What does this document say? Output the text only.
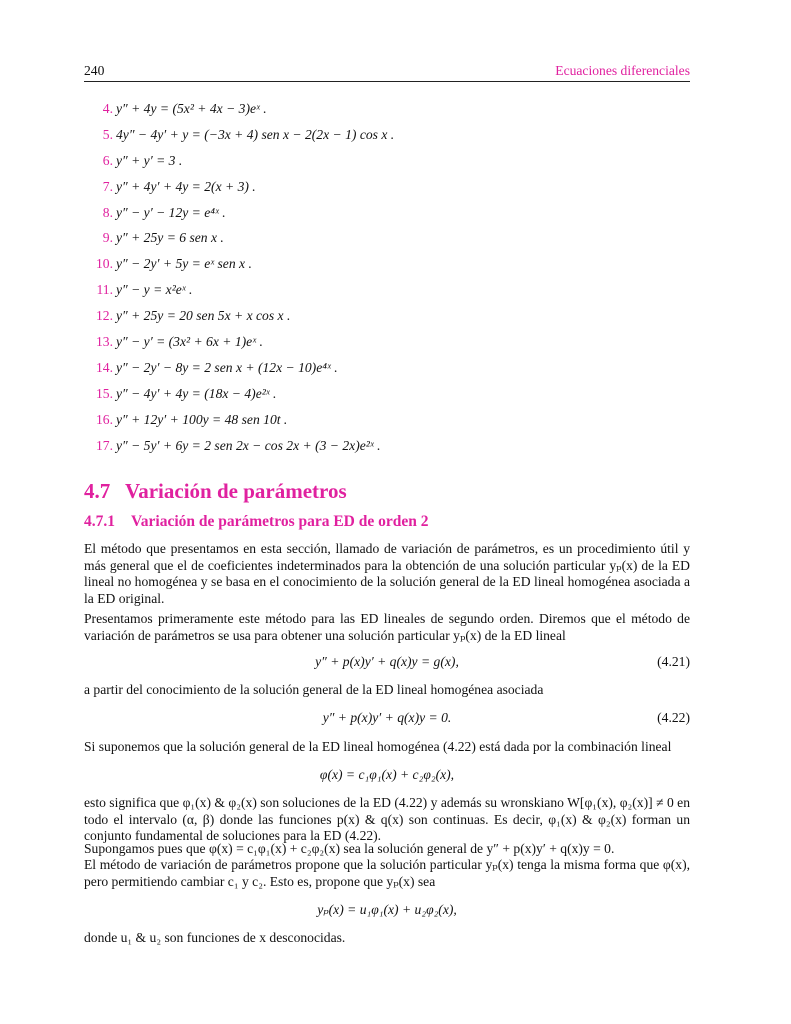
240	Ecuaciones diferenciales
4. y″ + 4y = (5x² + 4x − 3)eˣ .
5. 4y″ − 4y′ + y = (−3x + 4) sen x − 2(2x − 1) cos x .
6. y″ + y′ = 3 .
7. y″ + 4y′ + 4y = 2(x + 3) .
8. y″ − y′ − 12y = e⁴ˣ .
9. y″ + 25y = 6 sen x .
10. y″ − 2y′ + 5y = eˣ sen x .
11. y″ − y = x²eˣ .
12. y″ + 25y = 20 sen 5x + x cos x .
13. y″ − y′ = (3x² + 6x + 1)eˣ .
14. y″ − 2y′ − 8y = 2 sen x + (12x − 10)e⁴ˣ .
15. y″ − 4y′ + 4y = (18x − 4)e²ˣ .
16. y″ + 12y′ + 100y = 48 sen 10t .
17. y″ − 5y′ + 6y = 2 sen 2x − cos 2x + (3 − 2x)e²ˣ .
4.7 Variación de parámetros
4.7.1 Variación de parámetros para ED de orden 2

El método que presentamos en esta sección, llamado de variación de parámetros, es un procedimiento útil y más general que el de coeficientes indeterminados para la obtención de una solución particular yₚ(x) de la ED lineal no homogénea y se basa en el conocimiento de la solución general de la ED lineal homogénea asociada a la ED original.

Presentamos primeramente este método para las ED lineales de segundo orden. Diremos que el método de variación de parámetros se usa para obtener una solución particular yₚ(x) de la ED lineal

y″ + p(x)y′ + q(x)y = g(x),	(4.21)

a partir del conocimiento de la solución general de la ED lineal homogénea asociada

y″ + p(x)y′ + q(x)y = 0.	(4.22)

Si suponemos que la solución general de la ED lineal homogénea (4.22) está dada por la combinación lineal

φ(x) = c₁φ₁(x) + c₂φ₂(x),

esto significa que φ₁(x) & φ₂(x) son soluciones de la ED (4.22) y además su wronskiano W[φ₁(x), φ₂(x)] ≠ 0 en todo el intervalo (α, β) donde las funciones p(x) & q(x) son continuas. Es decir, φ₁(x) & φ₂(x) forman un conjunto fundamental de soluciones para la ED (4.22).

Supongamos pues que φ(x) = c₁φ₁(x) + c₂φ₂(x) sea la solución general de y″ + p(x)y′ + q(x)y = 0.

El método de variación de parámetros propone que la solución particular yₚ(x) tenga la misma forma que φ(x), pero permitiendo cambiar c₁ y c₂. Esto es, propone que yₚ(x) sea

yₚ(x) = u₁φ₁(x) + u₂φ₂(x),

donde u₁ & u₂ son funciones de x desconocidas.
